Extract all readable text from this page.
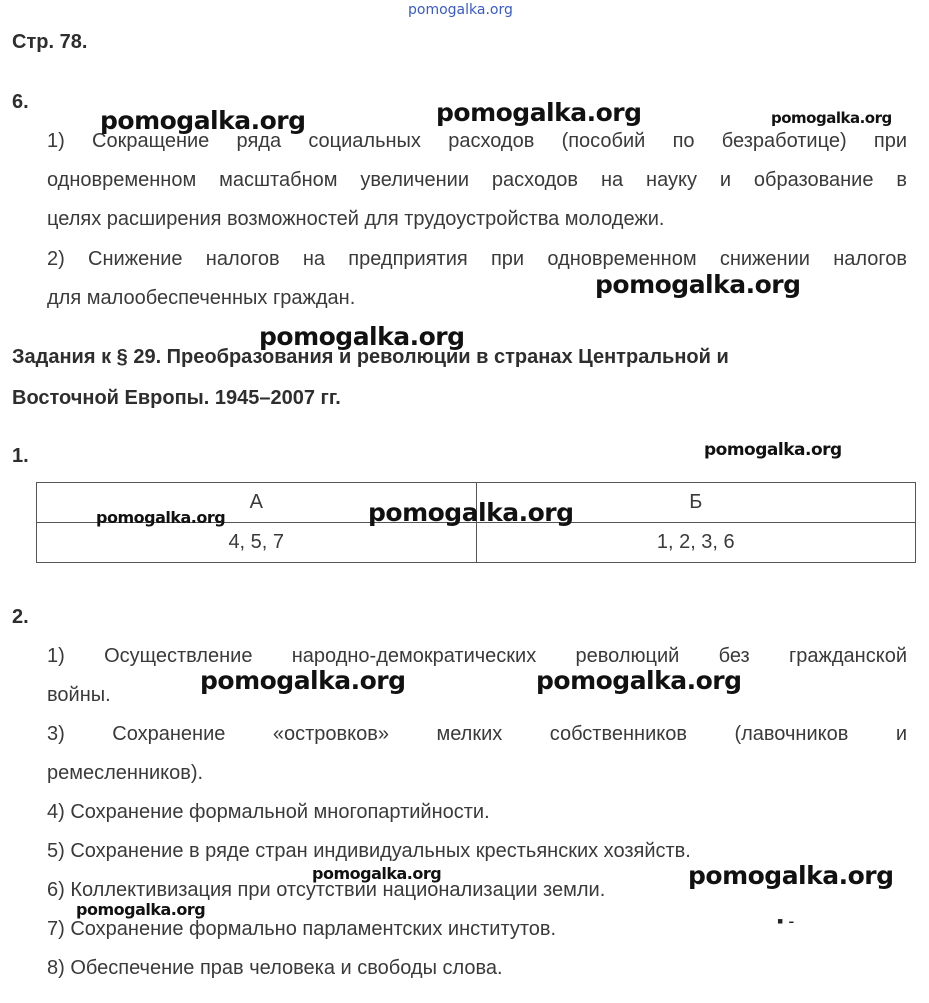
pomogalka.org
Стр. 78.
6.
1) Сокращение ряда социальных расходов (пособий по безработице) при
одновременном масштабном увеличении расходов на науку и образование в
целях расширения возможностей для трудоустройства молодежи.
2) Снижение налогов на предприятия при одновременном снижении налогов
для малообеспеченных граждан.
Задания к § 29. Преобразования и революции в странах Центральной и
Восточной Европы. 1945–2007 гг.
1.
А	Б
4, 5, 7	1, 2, 3, 6
2.
1) Осуществление народно-демократических революций без гражданской
войны.
3) Сохранение «островков» мелких собственников (лавочников и
ремесленников).
4) Сохранение формальной многопартийности.
5) Сохранение в ряде стран индивидуальных крестьянских хозяйств.
6) Коллективизация при отсутствии национализации земли.
7) Сохранение формально парламентских институтов.
8) Обеспечение прав человека и свободы слова.
▪ -
pomogalka.org	pomogalka.org	pomogalka.org
pomogalka.org
pomogalka.org
pomogalka.org
pomogalka.org	pomogalka.org
pomogalka.org	pomogalka.org
pomogalka.org	pomogalka.org
pomogalka.org
